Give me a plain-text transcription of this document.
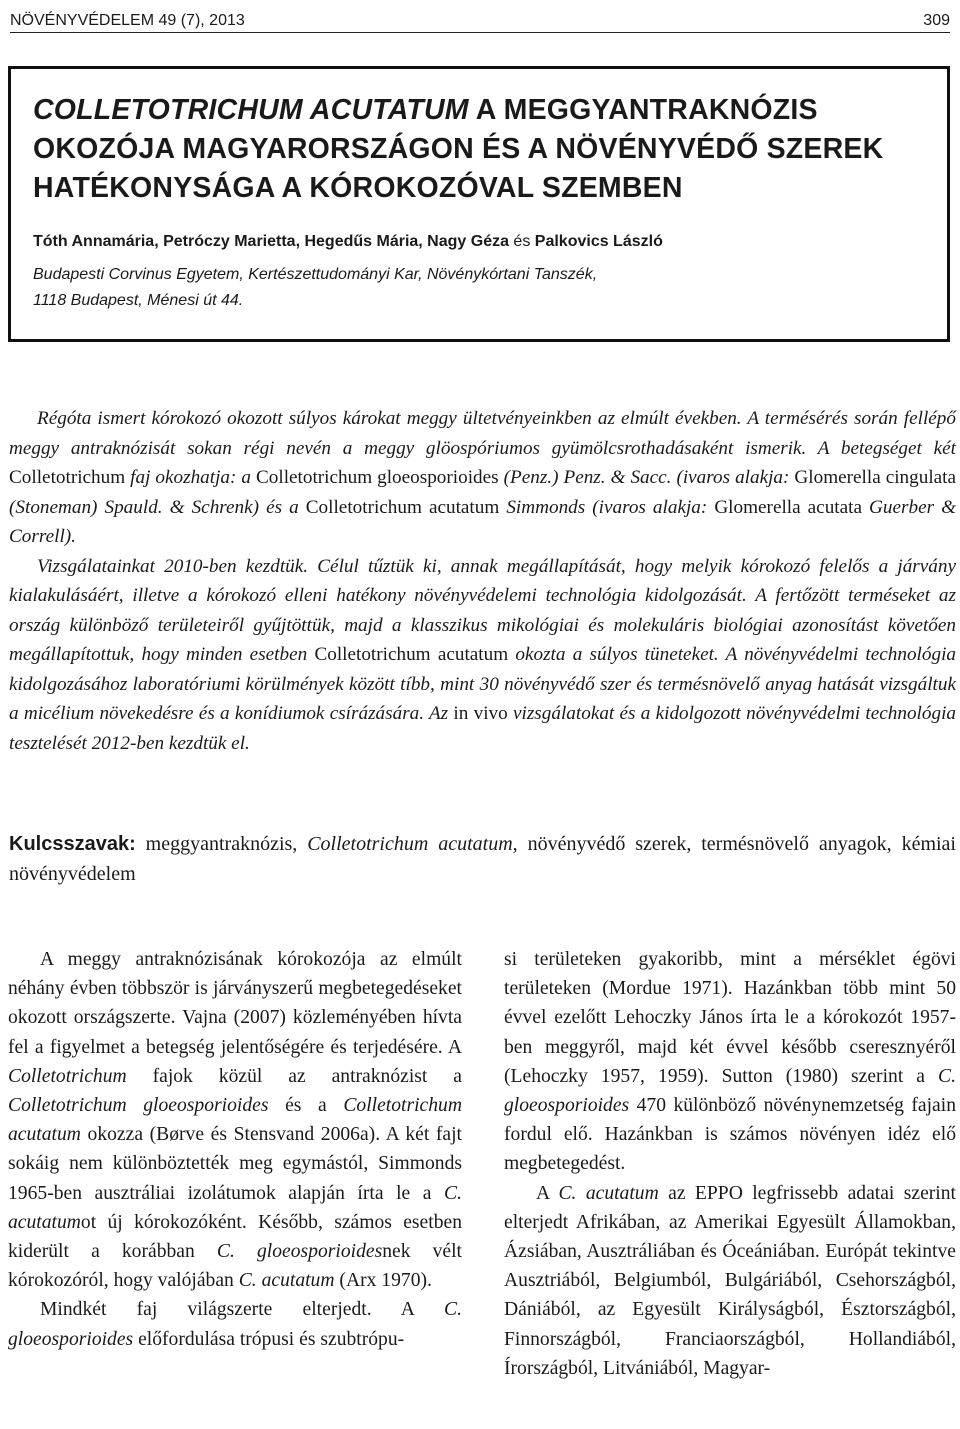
NÖVÉNYVÉDELEM 49 (7), 2013	309
COLLETOTRICHUM ACUTATUM A MEGGYANTRAKNÓZIS
OKOZÓJA MAGYARORSZÁGON ÉS A NÖVÉNYVÉDŐ SZEREK
HATÉKONYSÁGA A KÓROKOZÓVAL SZEMBEN
Tóth Annamária, Petróczy Marietta, Hegedűs Mária, Nagy Géza és Palkovics László
Budapesti Corvinus Egyetem, Kertészettudományi Kar, Növénykórtani Tanszék,
1118 Budapest, Ménesi út 44.

Régóta ismert kórokozó okozott súlyos károkat meggy ültetvényeinkben az elmúlt években. A termésérés során fellépő meggy antraknózisát sokan régi nevén a meggy glöospóriumos gyümölcsrothadásaként ismerik. A betegséget két Colletotrichum faj okozhatja: a Colletotrichum gloeosporioides (Penz.) Penz. & Sacc. (ivaros alakja: Glomerella cingulata (Stoneman) Spauld. & Schrenk) és a Colletotrichum acutatum Simmonds (ivaros alakja: Glomerella acutata Guerber & Correll).

Vizsgálatainkat 2010-ben kezdtük. Célul tűztük ki, annak megállapítását, hogy melyik kórokozó felelős a járvány kialakulásáért, illetve a kórokozó elleni hatékony növényvédelemi technológia kidolgozását. A fertőzött terméseket az ország különböző területeiről gyűjtöttük, majd a klasszikus mikológiai és molekuláris biológiai azonosítást követően megállapítottuk, hogy minden esetben Colletotrichum acutatum okozta a súlyos tüneteket. A növényvédelmi technológia kidolgozásához laboratóriumi körülmények között tíbb, mint 30 növényvédő szer és termésnövelő anyag hatását vizsgáltuk a micélium növekedésre és a konídiumok csírázására. Az in vivo vizsgálatokat és a kidolgozott növényvédelmi technológia tesztelését 2012-ben kezdtük el.

Kulcsszavak: meggyantraknózis, Colletotrichum acutatum, növényvédő szerek, termésnövelő anyagok, kémiai növényvédelem

A meggy antraknózisának kórokozója az elmúlt néhány évben többször is járványszerű megbetegedéseket okozott országszerte. Vajna (2007) közleményében hívta fel a figyelmet a betegség jelentőségére és terjedésére. A Colletotrichum fajok közül az antraknózist a Colletotrichum gloeosporioides és a Colletotrichum acutatum okozza (Børve és Stensvand 2006a). A két fajt sokáig nem különböztették meg egymástól, Simmonds 1965-ben ausztráliai izolátumok alapján írta le a C. acutatumot új kórokozóként. Később, számos esetben kiderült a korábban C. gloeosporioidesnek vélt kórokozóról, hogy valójában C. acutatum (Arx 1970).

Mindkét faj világszerte elterjedt. A C. gloeosporioides előfordulása trópusi és szubtrópu-

si területeken gyakoribb, mint a mérséklet égövi területeken (Mordue 1971). Hazánkban több mint 50 évvel ezelőtt Lehoczky János írta le a kórokozót 1957-ben meggyről, majd két évvel később cseresznyéről (Lehoczky 1957, 1959). Sutton (1980) szerint a C. gloeosporioides 470 különböző növénynemzetség fajain fordul elő. Hazánkban is számos növényen idéz elő megbetegedést.

A C. acutatum az EPPO legfrissebb adatai szerint elterjedt Afrikában, az Amerikai Egyesült Államokban, Ázsiában, Ausztráliában és Óceániában. Európát tekintve Ausztriából, Belgiumból, Bulgáriából, Csehországból, Dániából, az Egyesült Királyságból, Észtországból, Finnországból, Franciaországból, Hollandiából, Írországból, Litvániából, Magyar-
